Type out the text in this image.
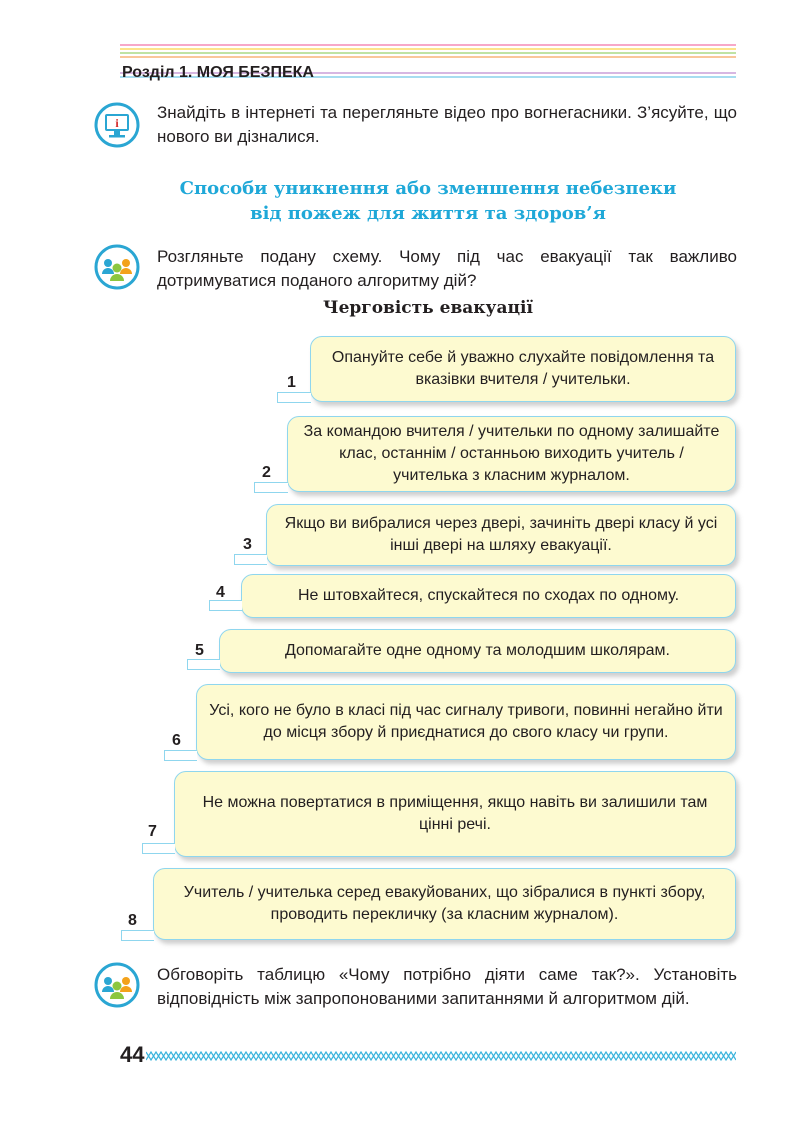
Розділ 1. МОЯ БЕЗПЕКА
i
Знайдіть в інтернеті та перегляньте відео про вогнегасники. З’ясуйте, що нового ви дізналися.
Способи уникнення або зменшення небезпеки
від пожеж для життя та здоров’я
Розгляньте подану схему. Чому під час евакуації так важливо дотримуватися поданого алгоритму дій?
Черговість евакуації
Опануйте себе й уважно слухайте повідомлення та вказівки вчителя / учительки.
1
За командою вчителя / учительки по одному залишайте клас, останнім / останньою виходить учитель / учителька з класним журналом.
2
Якщо ви вибралися через двері, зачиніть двері класу й усі інші двері на шляху евакуації.
3
Не штовхайтеся, спускайтеся по сходах по одному.
4
Допомагайте одне одному та молодшим школярам.
5
Усі, кого не було в класі під час сигналу тривоги, повинні негайно йти до місця збору й приєднатися до свого класу чи групи.
6
Не можна повертатися в приміщення, якщо навіть ви залишили там цінні речі.
7
Учитель / учителька серед евакуйованих, що зібралися в пункті збору, проводить перекличку (за класним журналом).
8
Обговоріть таблицю «Чому потрібно діяти саме так?». Установіть відповідність між запропонованими запитаннями й алгоритмом дій.
44
